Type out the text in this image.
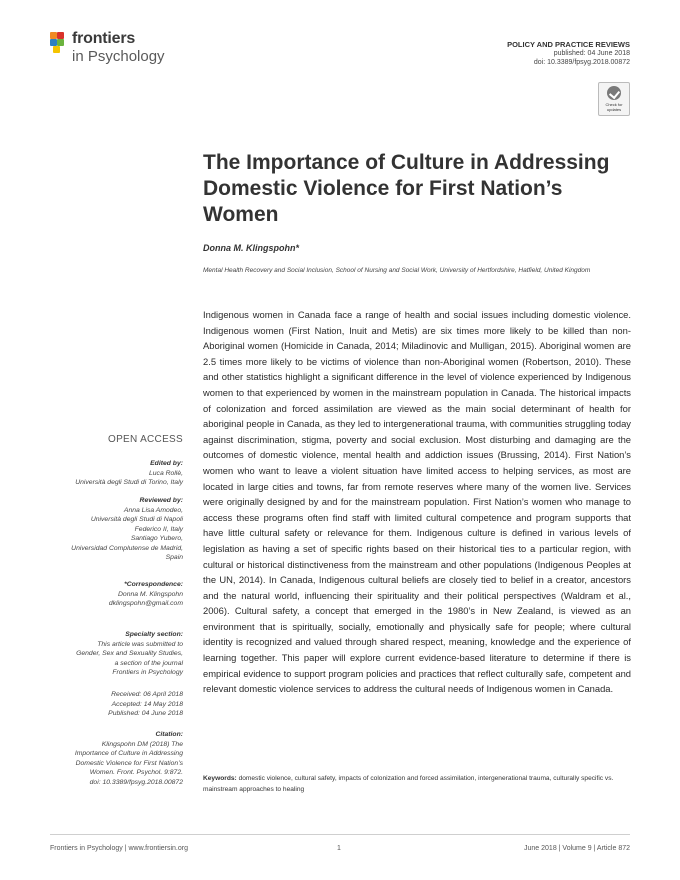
frontiers
in Psychology
POLICY AND PRACTICE REVIEWS
published: 04 June 2018
doi: 10.3389/fpsyg.2018.00872
Check for
updates
The Importance of Culture in Addressing Domestic Violence for First Nation’s Women
Donna M. Klingspohn*
Mental Health Recovery and Social Inclusion, School of Nursing and Social Work, University of Hertfordshire, Hatfield, United Kingdom
Indigenous women in Canada face a range of health and social issues including domestic violence. Indigenous women (First Nation, Inuit and Metis) are six times more likely to be killed than non-Aboriginal women (Homicide in Canada, 2014; Miladinovic and Mulligan, 2015). Aboriginal women are 2.5 times more likely to be victims of violence than non-Aboriginal women (Robertson, 2010). These and other statistics highlight a significant difference in the level of violence experienced by Indigenous women to that experienced by women in the mainstream population in Canada. The historical impacts of colonization and forced assimilation are viewed as the main social determinant of health for aboriginal people in Canada, as they led to intergenerational trauma, with communities struggling today against discrimination, stigma, poverty and social exclusion. Most disturbing and damaging are the outcomes of domestic violence, mental health and addiction issues (Brussing, 2014). First Nation’s women who want to leave a violent situation have limited access to helping services, as most are located in large cities and towns, far from remote reserves where many of the women live. Services were originally designed by and for the mainstream population. First Nation’s women who manage to access these programs often find staff with limited cultural competence and program supports that have little cultural safety or relevance for them. Indigenous culture is defined in various levels of legislation as having a set of specific rights based on their historical ties to a particular region, with cultural or historical distinctiveness from the mainstream and other populations (Indigenous Peoples at the UN, 2014). In Canada, Indigenous cultural beliefs are closely tied to belief in a creator, ancestors and the natural world, influencing their spirituality and their political perspectives (Waldram et al., 2006). Cultural safety, a concept that emerged in the 1980’s in New Zealand, is viewed as an environment that is spiritually, socially, emotionally and physically safe for people; where cultural identity is recognized and valued through shared respect, meaning, knowledge and the experience of learning together. This paper will explore current evidence-based literature to determine if there is empirical evidence to support program policies and practices that reflect culturally safe, competent and relevant domestic violence services to address the cultural needs of Indigenous women in Canada.
Keywords: domestic violence, cultural safety, impacts of colonization and forced assimilation, intergenerational trauma, culturally specific vs. mainstream approaches to healing
OPEN ACCESS
Edited by:
Luca Rollè,
Università degli Studi di Torino, Italy
Reviewed by:
Anna Lisa Amodeo,
Università degli Studi di Napoli
Federico II, Italy
Santiago Yubero,
Universidad Complutense de Madrid,
Spain
*Correspondence:
Donna M. Klingspohn
dklingspohn@gmail.com
Specialty section:
This article was submitted to
Gender, Sex and Sexuality Studies,
a section of the journal
Frontiers in Psychology
Received: 06 April 2018
Accepted: 14 May 2018
Published: 04 June 2018
Citation:
Klingspohn DM (2018) The
Importance of Culture in Addressing
Domestic Violence for First Nation’s
Women. Front. Psychol. 9:872.
doi: 10.3389/fpsyg.2018.00872
Frontiers in Psychology | www.frontiersin.org	1	June 2018 | Volume 9 | Article 872
